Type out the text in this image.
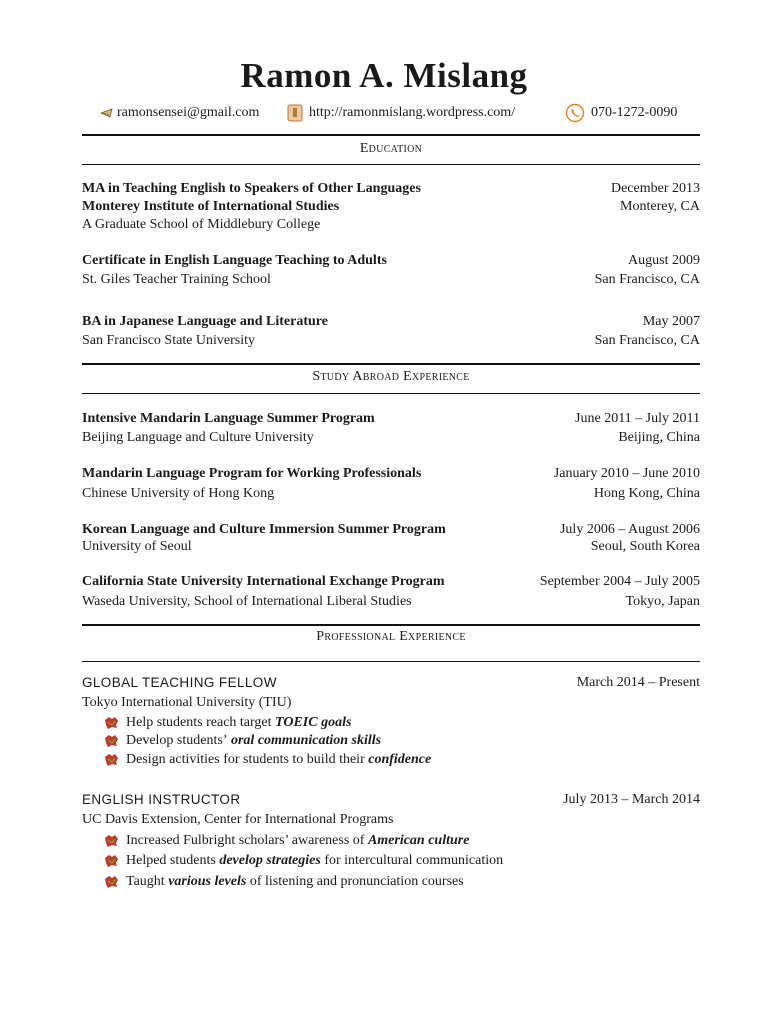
Ramon A. Mislang
ramonsensei@gmail.com	http://ramonmislang.wordpress.com/	070-1272-0090
Education
MA in Teaching English to Speakers of Other Languages	December 2013
Monterey Institute of International Studies	Monterey, CA
A Graduate School of Middlebury College
Certificate in English Language Teaching to Adults	August 2009
St. Giles Teacher Training School	San Francisco, CA
BA in Japanese Language and Literature	May 2007
San Francisco State University	San Francisco, CA
Study Abroad Experience
Intensive Mandarin Language Summer Program	June 2011 – July 2011
Beijing Language and Culture University	Beijing, China
Mandarin Language Program for Working Professionals	January 2010 – June 2010
Chinese University of Hong Kong	Hong Kong, China
Korean Language and Culture Immersion Summer Program	July 2006 – August 2006
University of Seoul	Seoul, South Korea
California State University International Exchange Program	September 2004 – July 2005
Waseda University, School of International Liberal Studies	Tokyo, Japan
Professional Experience
GLOBAL TEACHING FELLOW	March 2014 – Present
Tokyo International University (TIU)
Help students reach target
TOEIC goals
Develop students’
oral communication skills
Design activities for students to build their
confidence
ENGLISH INSTRUCTOR	July 2013 – March 2014
UC Davis Extension, Center for International Programs
Increased Fulbright scholars’ awareness of
American culture
Helped students
develop strategies
for intercultural communication
Taught
various levels
of listening and pronunciation courses
